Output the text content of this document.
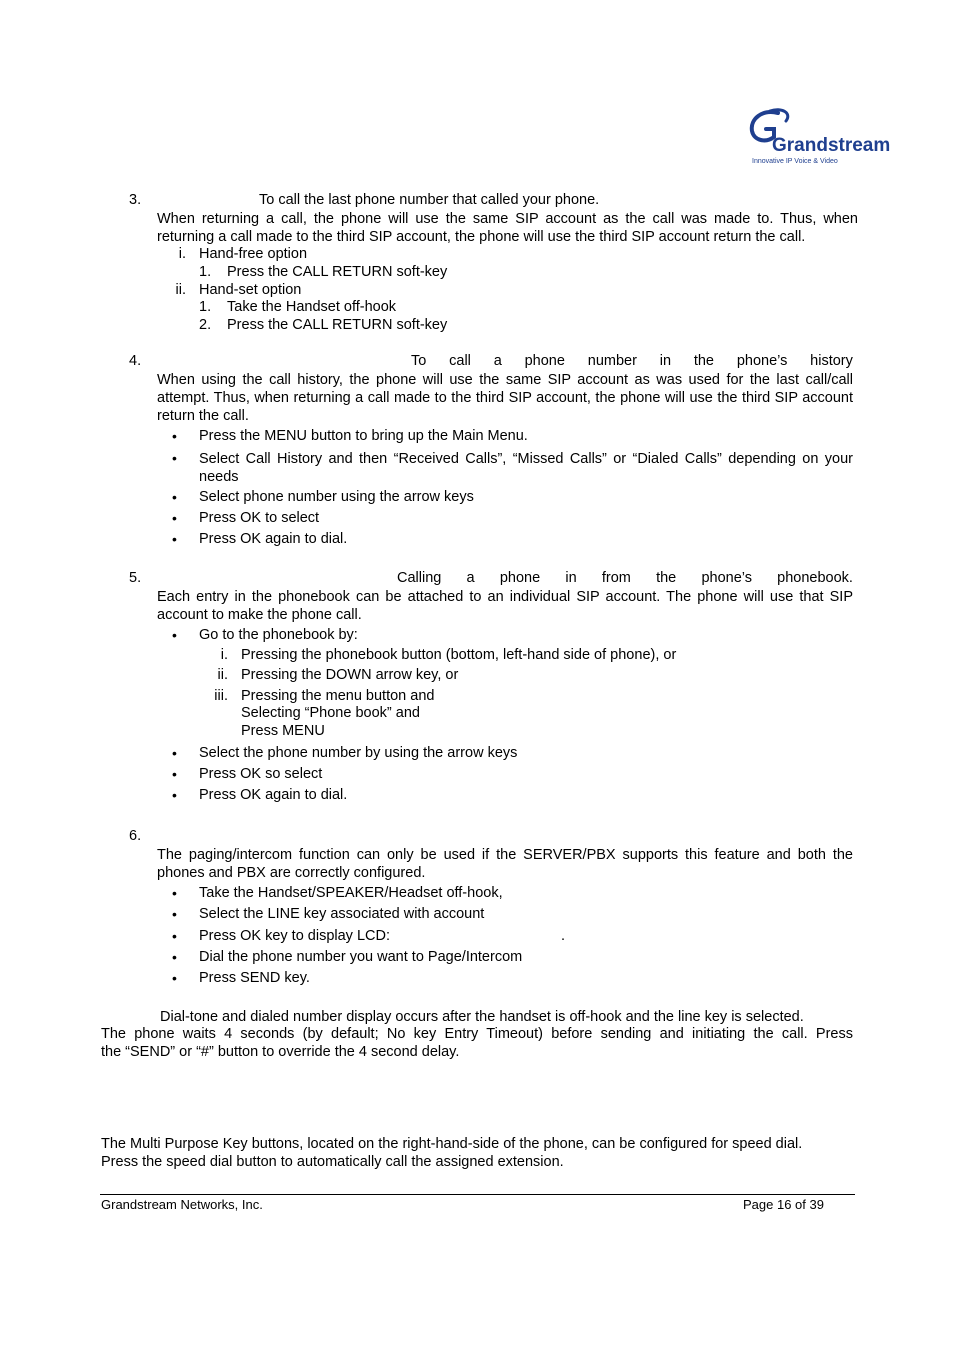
Grandstream
Innovative IP Voice & Video
3.	To call the last phone number that called your phone.
When returning a call, the phone will use the same SIP account as the call was made to. Thus, when returning a call made to the third SIP account, the phone will use the third SIP account return the call.
i. Hand-free option
1. Press the CALL RETURN soft-key
ii. Hand-set option
1. Take the Handset off-hook
2. Press the CALL RETURN soft-key
4.	To call a phone number in the phone’s history
When using the call history, the phone will use the same SIP account as was used for the last call/call attempt. Thus, when returning a call made to the third SIP account, the phone will use the third SIP account return the call.
• Press the MENU button to bring up the Main Menu.
• Select Call History and then “Received Calls”, “Missed Calls” or “Dialed Calls” depending on your needs
• Select phone number using the arrow keys
• Press OK to select
• Press OK again to dial.
5.	Calling a phone in from the phone’s phonebook.
Each entry in the phonebook can be attached to an individual SIP account. The phone will use that SIP account to make the phone call.
• Go to the phonebook by:
i. Pressing the phonebook button (bottom, left-hand side of phone), or
ii. Pressing the DOWN arrow key, or
iii. Pressing the menu button and
Selecting “Phone book” and
Press MENU
• Select the phone number by using the arrow keys
• Press OK so select
• Press OK again to dial.
6.
The paging/intercom function can only be used if the SERVER/PBX supports this feature and both the phones and PBX are correctly configured.
• Take the Handset/SPEAKER/Headset off-hook,
• Select the LINE key associated with account
• Press OK key to display LCD:	.
• Dial the phone number you want to Page/Intercom
• Press SEND key.
Dial-tone and dialed number display occurs after the handset is off-hook and the line key is selected.
The phone waits 4 seconds (by default; No key Entry Timeout) before sending and initiating the call. Press
the “SEND” or “#” button to override the 4 second delay.
The Multi Purpose Key buttons, located on the right-hand-side of the phone, can be configured for speed dial.
Press the speed dial button to automatically call the assigned extension.
Grandstream Networks, Inc.	Page 16 of 39
